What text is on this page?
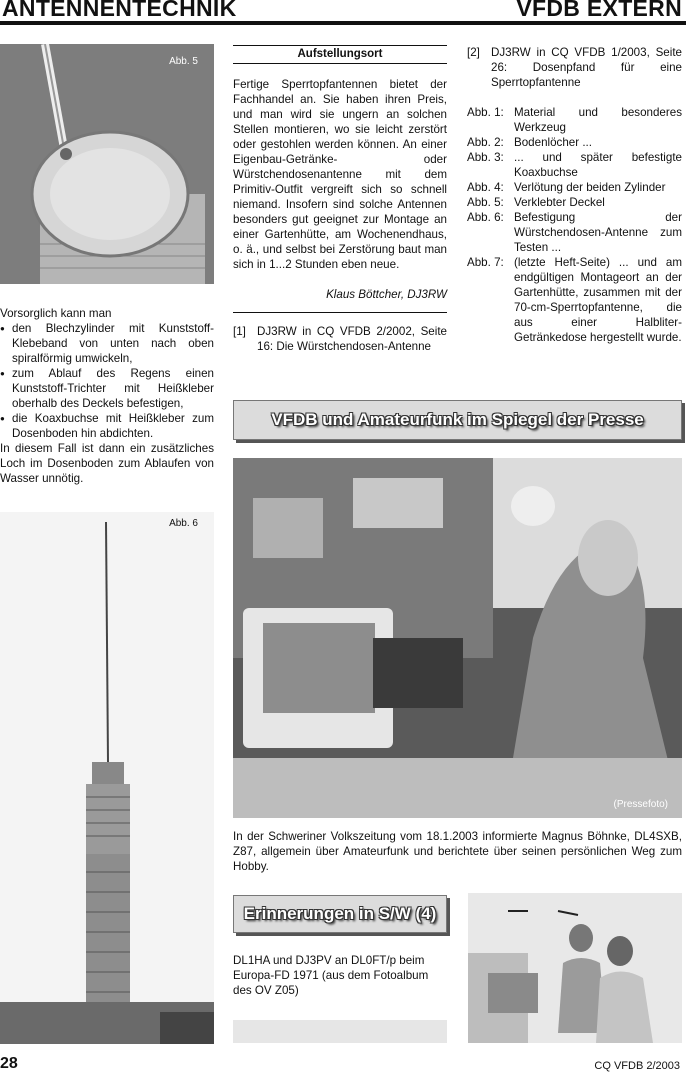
ANTENNENTECHNIK	VFDB EXTERN
Abb. 5

Vorsorglich kann man

● den Blechzylinder mit Kunststoff-Klebeband von unten nach oben spiralförmig umwickeln,
● zum Ablauf des Regens einen Kunststoff-Trichter mit Heißkleber oberhalb des Deckels befestigen,
● die Koaxbuchse mit Heißkleber zum Dosenboden hin abdichten.

In diesem Fall ist dann ein zusätzliches Loch im Dosenboden zum Ablaufen von Wasser unnötig.

Abb. 6
Aufstellungsort

Fertige Sperrtopfantennen bietet der Fachhandel an. Sie haben ihren Preis, und man wird sie ungern an solchen Stellen montieren, wo sie leicht zerstört oder gestohlen werden können. An einer Eigenbau-Getränke- oder Würstchendosenantenne mit dem Primitiv-Outfit vergreift sich so schnell niemand. Insofern sind solche Antennen besonders gut geeignet zur Montage an einer Gartenhütte, am Wochenendhaus, o. ä., und selbst bei Zerstörung baut man sich in 1...2 Stunden eben neue.

Klaus Böttcher, DJ3RW

[1] DJ3RW in CQ VFDB 2/2002, Seite 16: Die Würstchendosen-Antenne
[2] DJ3RW in CQ VFDB 1/2003, Seite 26: Dosenpfand für eine Sperrtopfantenne
Abb. 1: Material und besonderes Werkzeug
Abb. 2: Bodenlöcher ...
Abb. 3: ... und später befestigte Koaxbuchse
Abb. 4: Verlötung der beiden Zylinder
Abb. 5: Verklebter Deckel
Abb. 6: Befestigung der Würstchendosen-Antenne zum Testen ...
Abb. 7: (letzte Heft-Seite) ... und am endgültigen Montageort an der Gartenhütte, zusammen mit der 70-cm-Sperrtopfantenne, die aus einer Halbliter-Getränkedose hergestellt wurde.
VFDB und Amateurfunk im Spiegel der Presse
(Pressefoto)

In der Schweriner Volkszeitung vom 18.1.2003 informierte Magnus Böhnke, DL4SXB, Z87, allgemein über Amateurfunk und berichtete über seinen persönlichen Weg zum Hobby.

Erinnerungen in S/W (4)

DL1HA und DJ3PV an DL0FT/p beim Europa-FD 1971 (aus dem Fotoalbum des OV Z05)

28	CQ VFDB 2/2003
